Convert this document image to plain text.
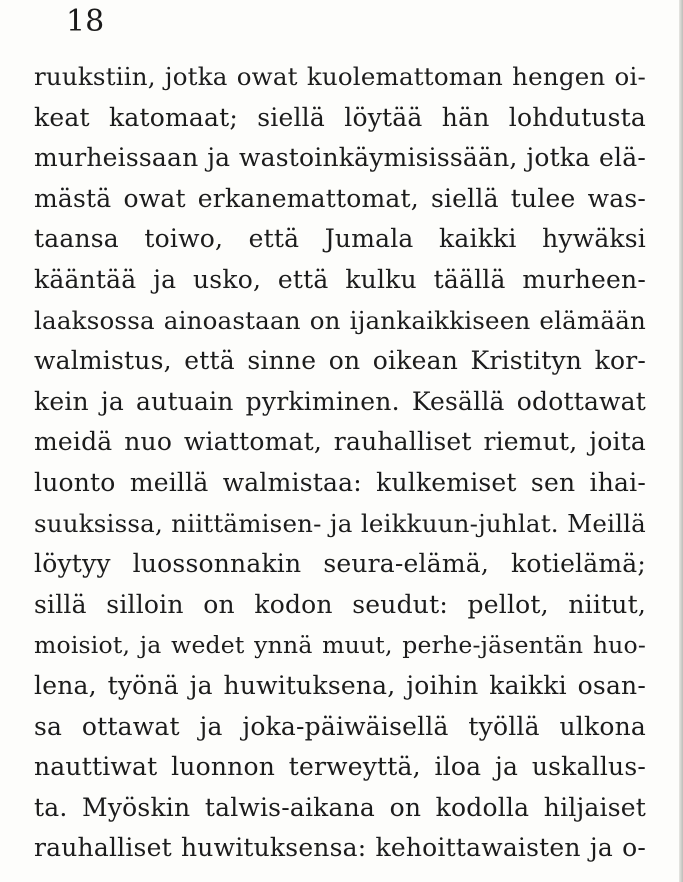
18
ruukstiin, jotka owat kuolemattoman hengen oi-
keat katomaat; siellä löytää hän lohdutusta
murheissaan ja wastoinkäymisissään, jotka elä-
mästä owat erkanemattomat, siellä tulee was-
taansa toiwo, että Jumala kaikki hywäksi
kääntää ja usko, että kulku täällä murheen-
laaksossa ainoastaan on ijankaikkiseen elämään
walmistus, että sinne on oikean Kristityn kor-
kein ja autuain pyrkiminen. Kesällä odottawat
meidä nuo wiattomat, rauhalliset riemut, joita
luonto meillä walmistaa: kulkemiset sen ihai-
suuksissa, niittämisen- ja leikkuun-juhlat. Meillä
löytyy luossonnakin seura-elämä, kotielämä;
sillä silloin on kodon seudut: pellot, niitut,
moisiot, ja wedet ynnä muut, perhe-jäsentän huo-
lena, työnä ja huwituksena, joihin kaikki osan-
sa ottawat ja joka-päiwäisellä työllä ulkona
nauttiwat luonnon terweyttä, iloa ja uskallus-
ta. Myöskin talwis-aikana on kodolla hiljaiset
rauhalliset huwituksensa: kehoittawaisten ja o-
